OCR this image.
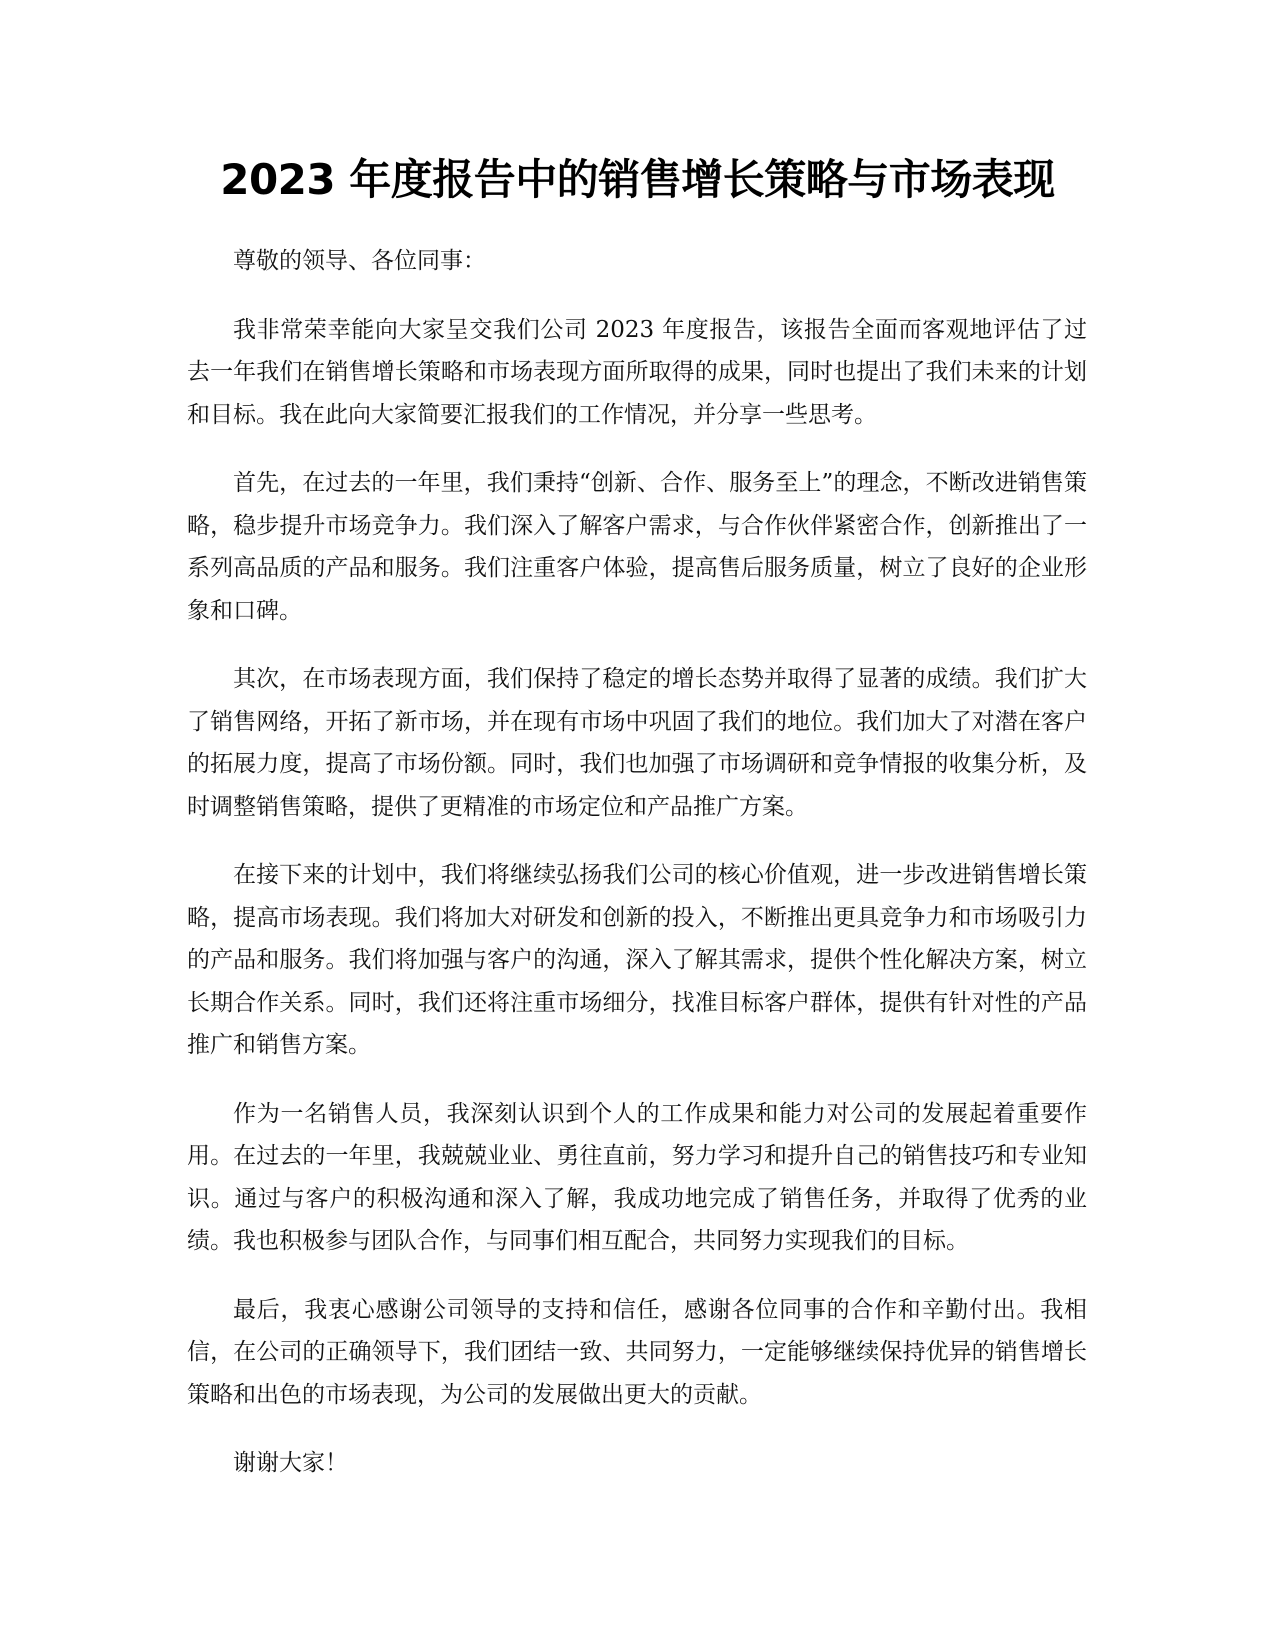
2023 年度报告中的销售增长策略与市场表现

尊敬的领导、各位同事：

我非常荣幸能向大家呈交我们公司 2023 年度报告，该报告全面而客观地评估了过去一年我们在销售增长策略和市场表现方面所取得的成果，同时也提出了我们未来的计划和目标。我在此向大家简要汇报我们的工作情况，并分享一些思考。

首先，在过去的一年里，我们秉持“创新、合作、服务至上”的理念，不断改进销售策略，稳步提升市场竞争力。我们深入了解客户需求，与合作伙伴紧密合作，创新推出了一系列高品质的产品和服务。我们注重客户体验，提高售后服务质量，树立了良好的企业形象和口碑。

其次，在市场表现方面，我们保持了稳定的增长态势并取得了显著的成绩。我们扩大了销售网络，开拓了新市场，并在现有市场中巩固了我们的地位。我们加大了对潜在客户的拓展力度，提高了市场份额。同时，我们也加强了市场调研和竞争情报的收集分析，及时调整销售策略，提供了更精准的市场定位和产品推广方案。

在接下来的计划中，我们将继续弘扬我们公司的核心价值观，进一步改进销售增长策略，提高市场表现。我们将加大对研发和创新的投入，不断推出更具竞争力和市场吸引力的产品和服务。我们将加强与客户的沟通，深入了解其需求，提供个性化解决方案，树立长期合作关系。同时，我们还将注重市场细分，找准目标客户群体，提供有针对性的产品推广和销售方案。

作为一名销售人员，我深刻认识到个人的工作成果和能力对公司的发展起着重要作用。在过去的一年里，我兢兢业业、勇往直前，努力学习和提升自己的销售技巧和专业知识。通过与客户的积极沟通和深入了解，我成功地完成了销售任务，并取得了优秀的业绩。我也积极参与团队合作，与同事们相互配合，共同努力实现我们的目标。

最后，我衷心感谢公司领导的支持和信任，感谢各位同事的合作和辛勤付出。我相信，在公司的正确领导下，我们团结一致、共同努力，一定能够继续保持优异的销售增长策略和出色的市场表现，为公司的发展做出更大的贡献。

谢谢大家！
